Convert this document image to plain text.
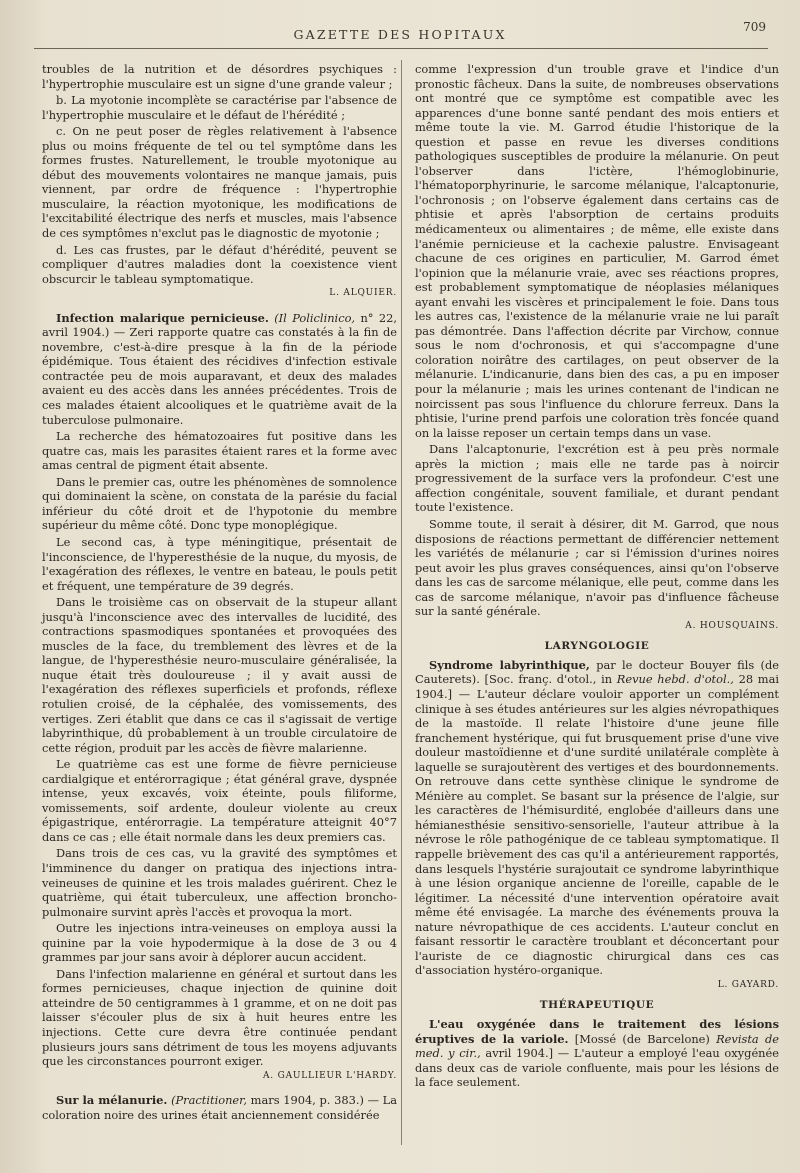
GAZETTE DES HOPITAUX	709

troubles de la nutrition et de désordres psychiques : l'hypertrophie musculaire est un signe d'une grande valeur ;

b. La myotonie incomplète se caractérise par l'absence de l'hypertrophie musculaire et le défaut de l'hérédité ;

c. On ne peut poser de règles relativement à l'absence plus ou moins fréquente de tel ou tel symptôme dans les formes frustes. Naturellement, le trouble myotonique au début des mouvements volontaires ne manque jamais, puis viennent, par ordre de fréquence : l'hypertrophie musculaire, la réaction myotonique, les modifications de l'excitabilité électrique des nerfs et muscles, mais l'absence de ces symptômes n'exclut pas le diagnostic de myotonie ;

d. Les cas frustes, par le défaut d'hérédité, peuvent se compliquer d'autres maladies dont la coexistence vient obscurcir le tableau symptomatique.
L. ALQUIER.

Infection malarique pernicieuse. (Il Policlinico, n° 22, avril 1904.) — Zeri rapporte quatre cas constatés à la fin de novembre, c'est-à-dire presque à la fin de la période épidémique. Tous étaient des récidives d'infection estivale contractée peu de mois auparavant, et deux des malades avaient eu des accès dans les années précédentes. Trois de ces malades étaient alcooliques et le quatrième avait de la tuberculose pulmonaire.

La recherche des hématozoaires fut positive dans les quatre cas, mais les parasites étaient rares et la forme avec amas central de pigment était absente.

Dans le premier cas, outre les phénomènes de somnolence qui dominaient la scène, on constata de la parésie du facial inférieur du côté droit et de l'hypotonie du membre supérieur du même côté. Donc type monoplégique.

Le second cas, à type méningitique, présentait de l'inconscience, de l'hyperesthésie de la nuque, du myosis, de l'exagération des réflexes, le ventre en bateau, le pouls petit et fréquent, une température de 39 degrés.

Dans le troisième cas on observait de la stupeur allant jusqu'à l'inconscience avec des intervalles de lucidité, des contractions spasmodiques spontanées et provoquées des muscles de la face, du tremblement des lèvres et de la langue, de l'hyperesthésie neuro-musculaire généralisée, la nuque était très douloureuse ; il y avait aussi de l'exagération des réflexes superficiels et profonds, réflexe rotulien croisé, de la céphalée, des vomissements, des vertiges. Zeri établit que dans ce cas il s'agissait de vertige labyrinthique, dû probablement à un trouble circulatoire de cette région, produit par les accès de fièvre malarienne.

Le quatrième cas est une forme de fièvre pernicieuse cardialgique et entérorragique ; état général grave, dyspnée intense, yeux excavés, voix éteinte, pouls filiforme, vomissements, soif ardente, douleur violente au creux épigastrique, entérorragie. La température atteignit 40°7 dans ce cas ; elle était normale dans les deux premiers cas.

Dans trois de ces cas, vu la gravité des symptômes et l'imminence du danger on pratiqua des injections intra-veineuses de quinine et les trois malades guérirent. Chez le quatrième, qui était tuberculeux, une affection broncho-pulmonaire survint après l'accès et provoqua la mort.

Outre les injections intra-veineuses on employa aussi la quinine par la voie hypodermique à la dose de 3 ou 4 grammes par jour sans avoir à déplorer aucun accident.

Dans l'infection malarienne en général et surtout dans les formes pernicieuses, chaque injection de quinine doit atteindre de 50 centigrammes à 1 gramme, et on ne doit pas laisser s'écouler plus de six à huit heures entre les injections. Cette cure devra être continuée pendant plusieurs jours sans détriment de tous les moyens adjuvants que les circonstances pourront exiger.
A. GAULLIEUR L'HARDY.

Sur la mélanurie. (Practitioner, mars 1904, p. 383.) — La coloration noire des urines était anciennement considérée

comme l'expression d'un trouble grave et l'indice d'un pronostic fâcheux. Dans la suite, de nombreuses observations ont montré que ce symptôme est compatible avec les apparences d'une bonne santé pendant des mois entiers et même toute la vie. M. Garrod étudie l'historique de la question et passe en revue les diverses conditions pathologiques susceptibles de produire la mélanurie. On peut l'observer dans l'ictère, l'hémoglobinurie, l'hématoporphyrinurie, le sarcome mélanique, l'alcaptonurie, l'ochronosis ; on l'observe également dans certains cas de phtisie et après l'absorption de certains produits médicamenteux ou alimentaires ; de même, elle existe dans l'anémie pernicieuse et la cachexie palustre. Envisageant chacune de ces origines en particulier, M. Garrod émet l'opinion que la mélanurie vraie, avec ses réactions propres, est probablement symptomatique de néoplasies mélaniques ayant envahi les viscères et principalement le foie. Dans tous les autres cas, l'existence de la mélanurie vraie ne lui paraît pas démontrée. Dans l'affection décrite par Virchow, connue sous le nom d'ochronosis, et qui s'accompagne d'une coloration noirâtre des cartilages, on peut observer de la mélanurie. L'indicanurie, dans bien des cas, a pu en imposer pour la mélanurie ; mais les urines contenant de l'indican ne noircissent pas sous l'influence du chlorure ferreux. Dans la phtisie, l'urine prend parfois une coloration très foncée quand on la laisse reposer un certain temps dans un vase.

Dans l'alcaptonurie, l'excrétion est à peu près normale après la miction ; mais elle ne tarde pas à noircir progressivement de la surface vers la profondeur. C'est une affection congénitale, souvent familiale, et durant pendant toute l'existence.

Somme toute, il serait à désirer, dit M. Garrod, que nous disposions de réactions permettant de différencier nettement les variétés de mélanurie ; car si l'émission d'urines noires peut avoir les plus graves conséquences, ainsi qu'on l'observe dans les cas de sarcome mélanique, elle peut, comme dans les cas de sarcome mélanique, n'avoir pas d'influence fâcheuse sur la santé générale.
A. HOUSQUAINS.

LARYNGOLOGIE

Syndrome labyrinthique, par le docteur Bouyer fils (de Cauterets). [Soc. franç. d'otol., in Revue hebd. d'otol., 28 mai 1904.] — L'auteur déclare vouloir apporter un complément clinique à ses études antérieures sur les algies névropathiques de la mastoïde. Il relate l'histoire d'une jeune fille franchement hystérique, qui fut brusquement prise d'une vive douleur mastoïdienne et d'une surdité unilatérale complète à laquelle se surajoutèrent des vertiges et des bourdonnements. On retrouve dans cette synthèse clinique le syndrome de Ménière au complet. Se basant sur la présence de l'algie, sur les caractères de l'hémisurdité, englobée d'ailleurs dans une hémianesthésie sensitivo-sensorielle, l'auteur attribue à la névrose le rôle pathogénique de ce tableau symptomatique. Il rappelle brièvement des cas qu'il a antérieurement rapportés, dans lesquels l'hystérie surajoutait ce syndrome labyrinthique à une lésion organique ancienne de l'oreille, capable de le légitimer. La nécessité d'une intervention opératoire avait même été envisagée. La marche des événements prouva la nature névropathique de ces accidents. L'auteur conclut en faisant ressortir le caractère troublant et déconcertant pour l'auriste de ce diagnostic chirurgical dans ces cas d'association hystéro-organique.
L. GAYARD.

THÉRAPEUTIQUE

L'eau oxygénée dans le traitement des lésions éruptives de la variole. [Mossé (de Barcelone) Revista de med. y cir., avril 1904.] — L'auteur a employé l'eau oxygénée dans deux cas de variole confluente, mais pour les lésions de la face seulement.
